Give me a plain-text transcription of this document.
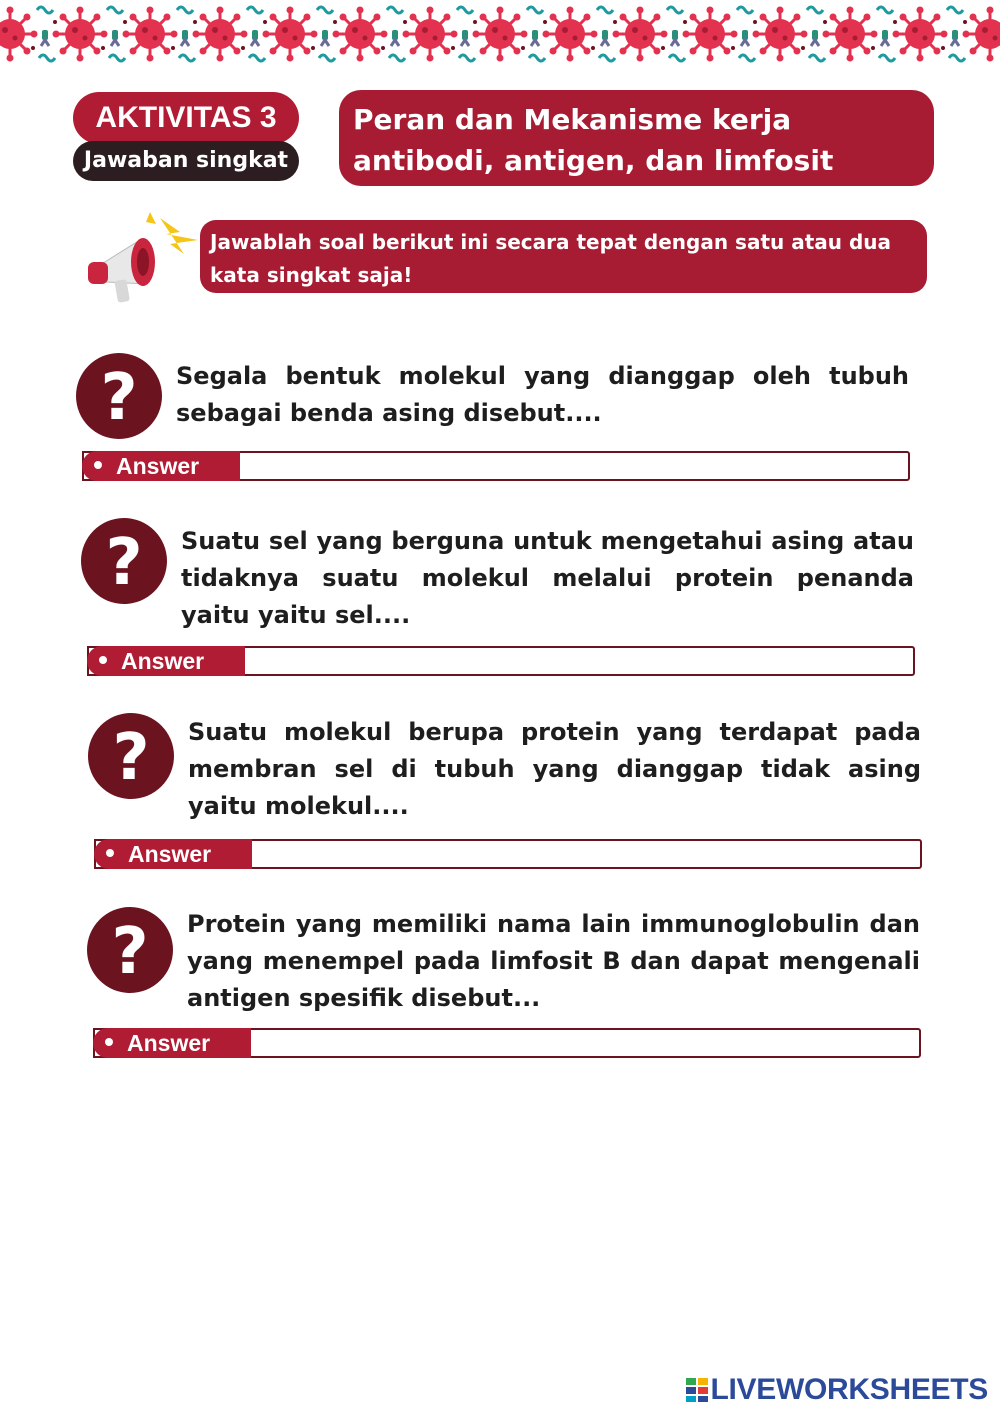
AKTIVITAS 3
Jawaban singkat
Peran dan Mekanisme kerja antibodi, antigen, dan limfosit
Jawablah soal berikut ini secara tepat dengan satu atau dua kata singkat saja!
? Segala bentuk molekul yang dianggap oleh tubuh sebagai benda asing disebut....
Answer
? Suatu sel yang berguna untuk mengetahui asing atau tidaknya suatu molekul melalui protein penanda yaitu yaitu sel....
Answer
? Suatu molekul berupa protein yang terdapat pada membran sel di tubuh yang dianggap tidak asing yaitu molekul....
Answer
? Protein yang memiliki nama lain immunoglobulin dan yang menempel pada limfosit B dan dapat mengenali antigen spesifik disebut...
Answer
LIVEWORKSHEETS
